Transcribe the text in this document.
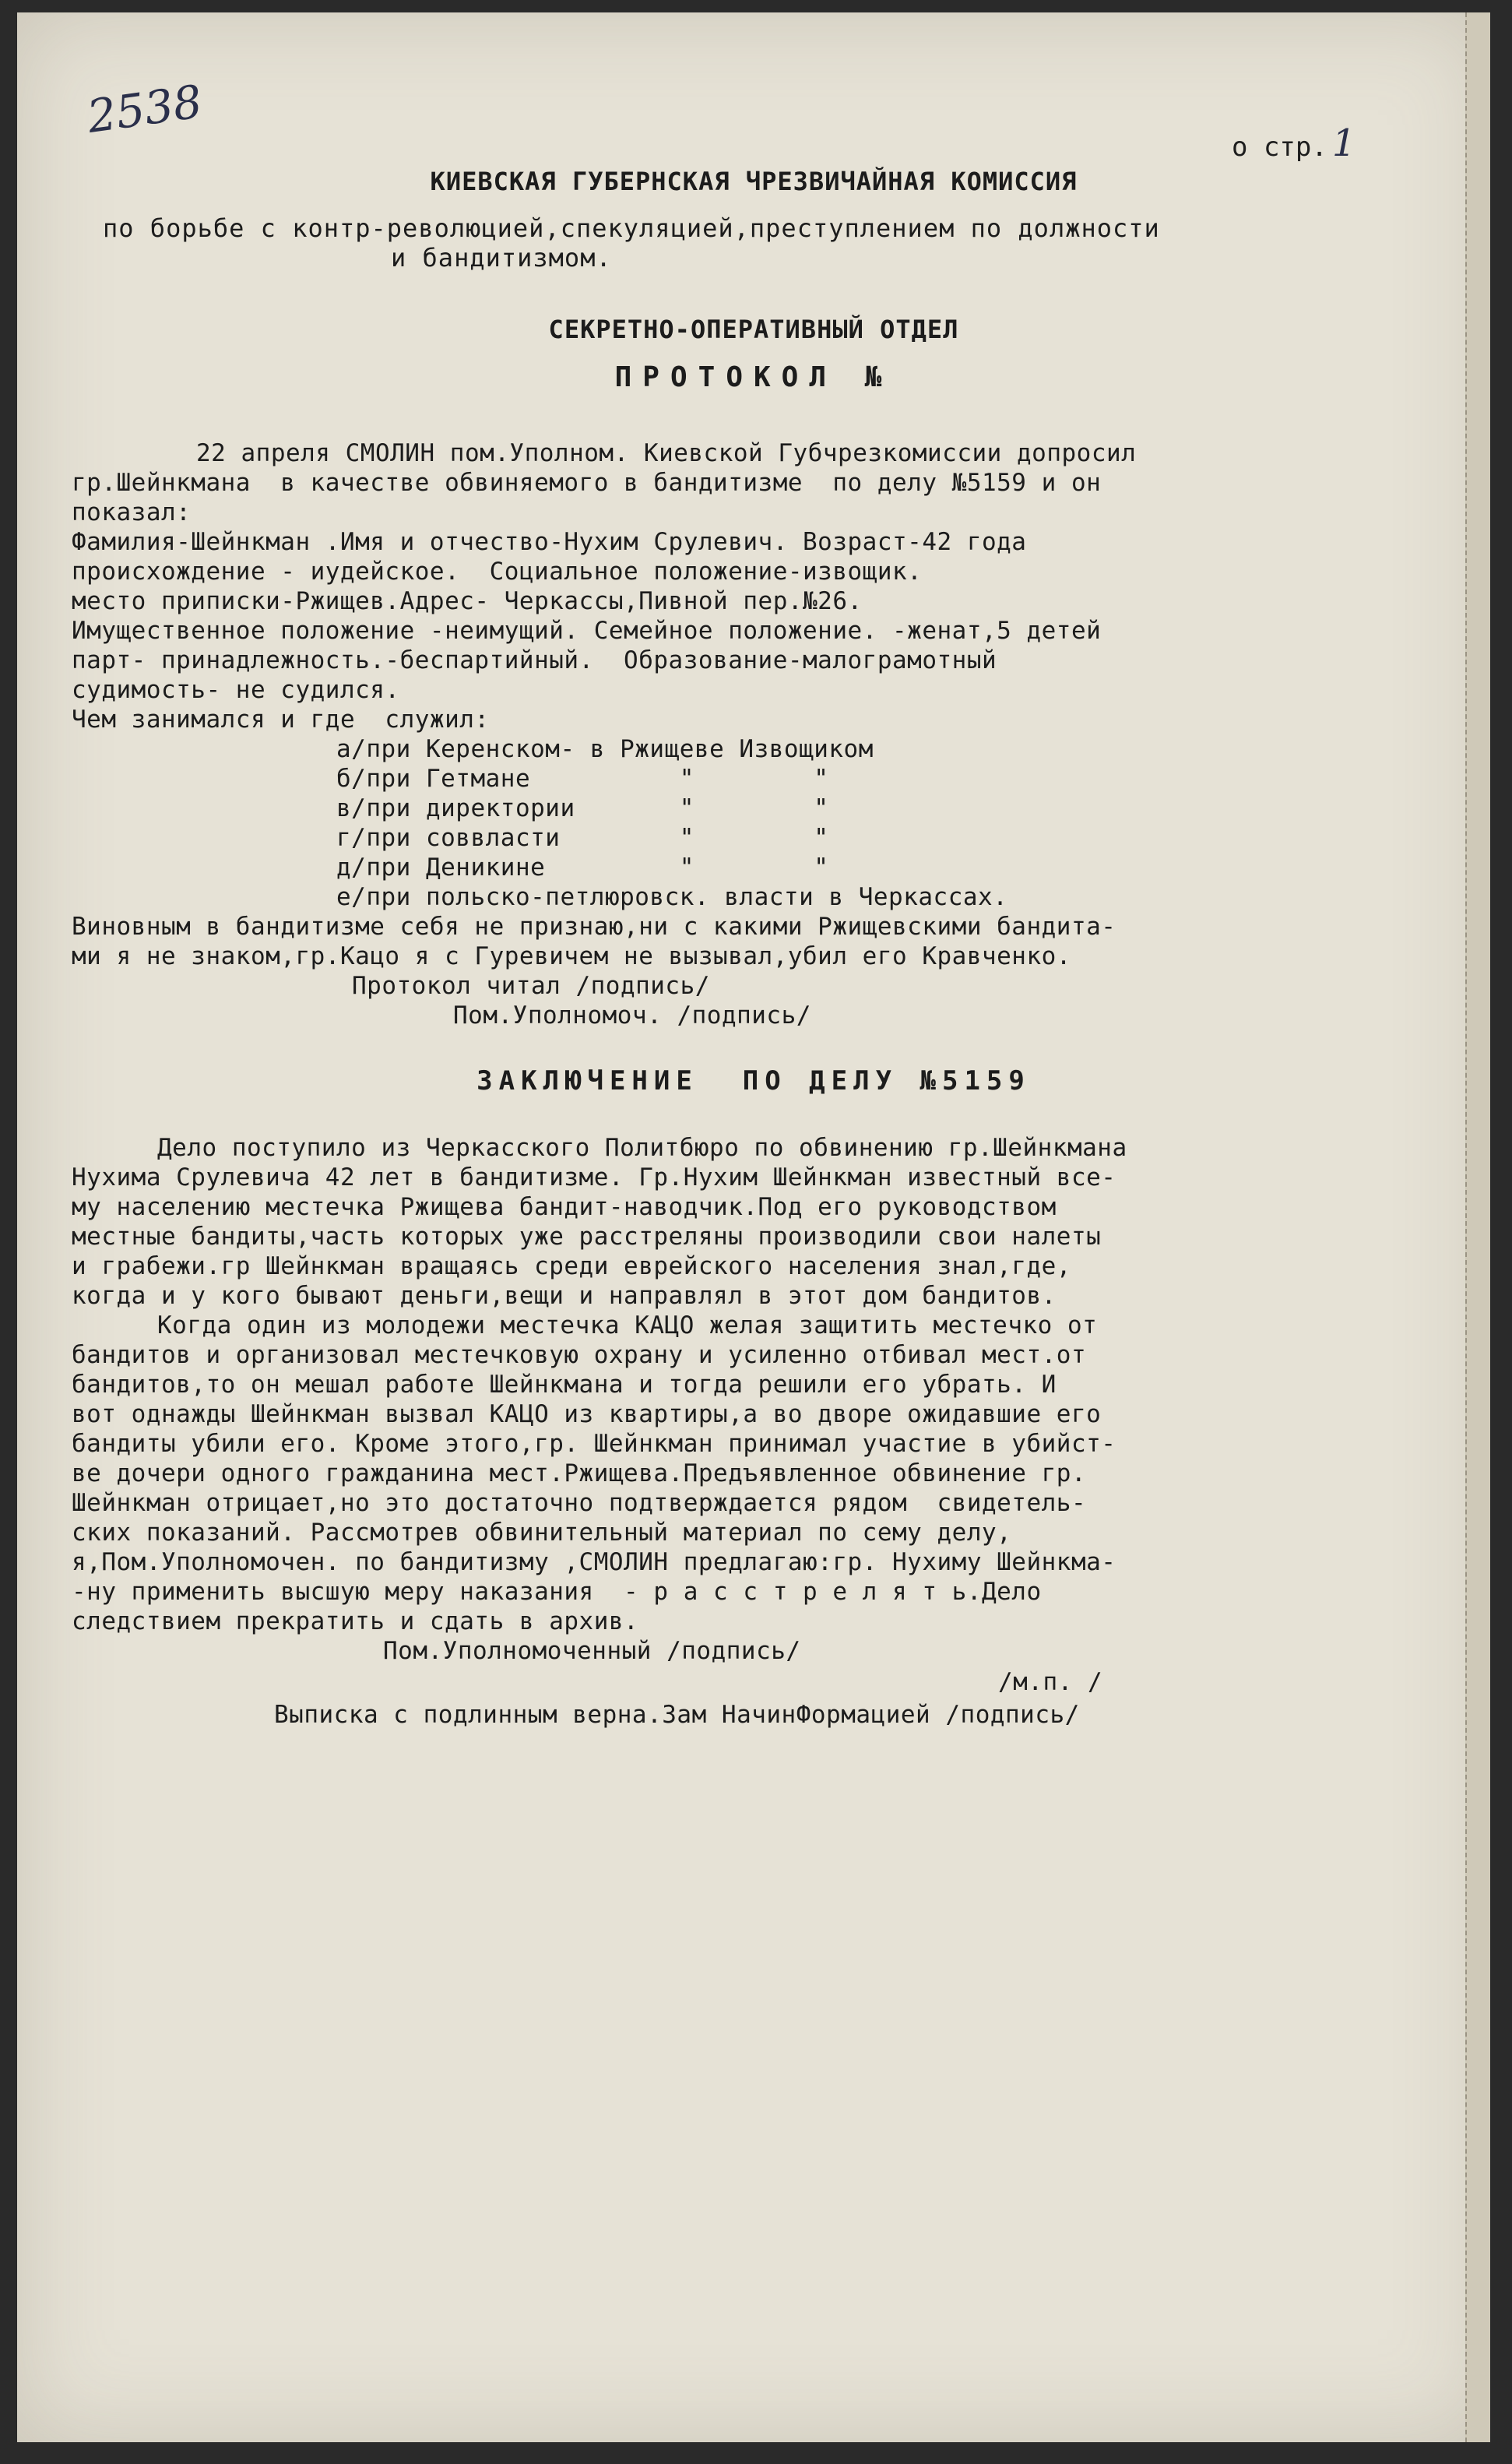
2538
о стр. 1
КИЕВСКАЯ ГУБЕРНСКАЯ ЧРЕЗВИЧАЙНАЯ КОМИССИЯ
по борьбе с контр-революцией,спекуляцией,преступлением по должности
и бандитизмом.
СЕКРЕТНО-ОПЕРАТИВНЫЙ ОТДЕЛ
ПРОТОКОЛ №
22 апреля СМОЛИН пом.Уполном. Киевской Губчрезкомиссии допросил
гр.Шейнкмана  в качестве обвиняемого в бандитизме  по делу №5159 и он
показал:
Фамилия-Шейнкман .Имя и отчество-Нухим Срулевич. Возраст-42 года
происхождение - иудейское.  Социальное положение-извощик.
место приписки-Ржищев.Адрес- Черкассы,Пивной пер.№26.
Имущественное положение -неимущий. Семейное положение. -женат,5 детей
парт- принадлежность.-беспартийный.  Образование-малограмотный
судимость- не судился.
Чем занимался и где  служил:
а/при Керенском- в Ржищеве Извощиком
б/при Гетмане          "        "
в/при директории       "        "
г/при соввласти        "        "
д/при Деникине         "        "
е/при польско-петлюровск. власти в Черкассах.
Виновным в бандитизме себя не признаю,ни с какими Ржищевскими бандита-
ми я не знаком,гр.Кацо я с Гуревичем не вызывал,убил его Кравченко.
Протокол читал /подпись/
Пом.Уполномоч. /подпись/
ЗАКЛЮЧЕНИЕ  ПО ДЕЛУ №5159
Дело поступило из Черкасского Политбюро по обвинению гр.Шейнкмана
Нухима Срулевича 42 лет в бандитизме. Гр.Нухим Шейнкман известный все-
му населению местечка Ржищева бандит-наводчик.Под его руководством
местные бандиты,часть которых уже расстреляны производили свои налеты
и грабежи.гр Шейнкман вращаясь среди еврейского населения знал,где,
когда и у кого бывают деньги,вещи и направлял в этот дом бандитов.
Когда один из молодежи местечка КАЦО желая защитить местечко от
бандитов и организовал местечковую охрану и усиленно отбивал мест.от
бандитов,то он мешал работе Шейнкмана и тогда решили его убрать. И
вот однажды Шейнкман вызвал КАЦО из квартиры,а во дворе ожидавшие его
бандиты убили его. Кроме этого,гр. Шейнкман принимал участие в убийст-
ве дочери одного гражданина мест.Ржищева.Предъявленное обвинение гр.
Шейнкман отрицает,но это достаточно подтверждается рядом  свидетель-
ских показаний. Рассмотрев обвинительный материал по сему делу,
я,Пом.Уполномочен. по бандитизму ,СМОЛИН предлагаю:гр. Нухиму Шейнкма-
-ну применить высшую меру наказания  - р а с с т р е л я т ь.Дело
следствием прекратить и сдать в архив.
Пом.Уполномоченный /подпись/
/м.п. /
Выписка с подлинным верна.Зам НачинФормацией /подпись/
